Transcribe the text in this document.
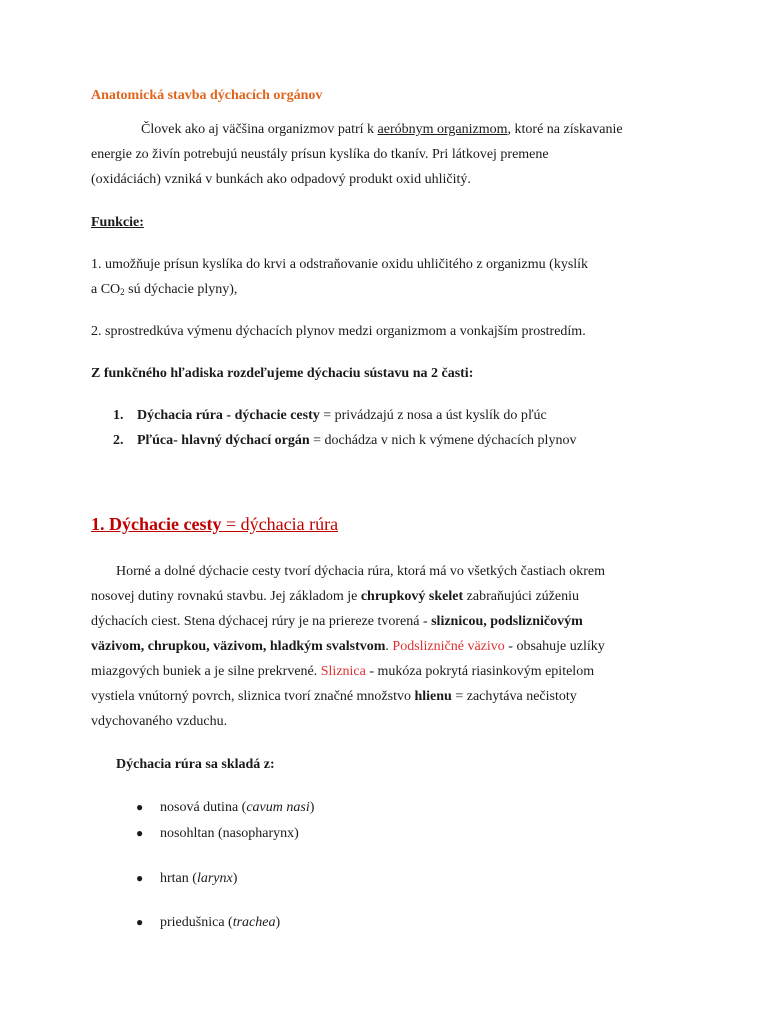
Anatomická stavba dýchacích orgánov

Človek ako aj väčšina organizmov patrí k aeróbnym organizmom, ktoré na získavanie

energie zo živín potrebujú neustály prísun kyslíka do tkanív. Pri látkovej premene

(oxidáciách) vzniká v bunkách ako odpadový produkt oxid uhličitý.

Funkcie:

1. umožňuje prísun kyslíka do krvi a odstraňovanie oxidu uhličitého z organizmu (kyslík

a $CO_2$ sú dýchacie plyny),

2. sprostredkúva výmenu dýchacích plynov medzi organizmom a vonkajším prostredím.

Z funkčného hľadiska rozdeľujeme dýchaciu sústavu na 2 časti:

1. Dýchacia rúra - dýchacie cesty = privádzajú z nosa a úst kyslík do pľúc

2. Pľúca- hlavný dýchací orgán = dochádza v nich k výmene dýchacích plynov

1. Dýchacie cesty = dýchacia rúra

Horné a dolné dýchacie cesty tvorí dýchacia rúra, ktorá má vo všetkých častiach okrem

nosovej dutiny rovnakú stavbu. Jej základom je chrupkový skelet zabraňujúci zúženiu

dýchacích ciest. Stena dýchacej rúry je na priereze tvorená - sliznicou, podslizničovým

väzivom, chrupkou, väzivom, hladkým svalstvom. Podslizničné väzivo - obsahuje uzlíky

miazgových buniek a je silne prekrvené. Sliznica - mukóza pokrytá riasinkovým epitelom

vystiela vnútorný povrch, sliznica tvorí značné množstvo hlienu = zachytáva nečistoty

vdychovaného vzduchu.

Dýchacia rúra sa skladá z:

● nosová dutina (cavum nasi)
● nosohltan (nasopharynx)
● hrtan (larynx)
● priedušnica (trachea)
